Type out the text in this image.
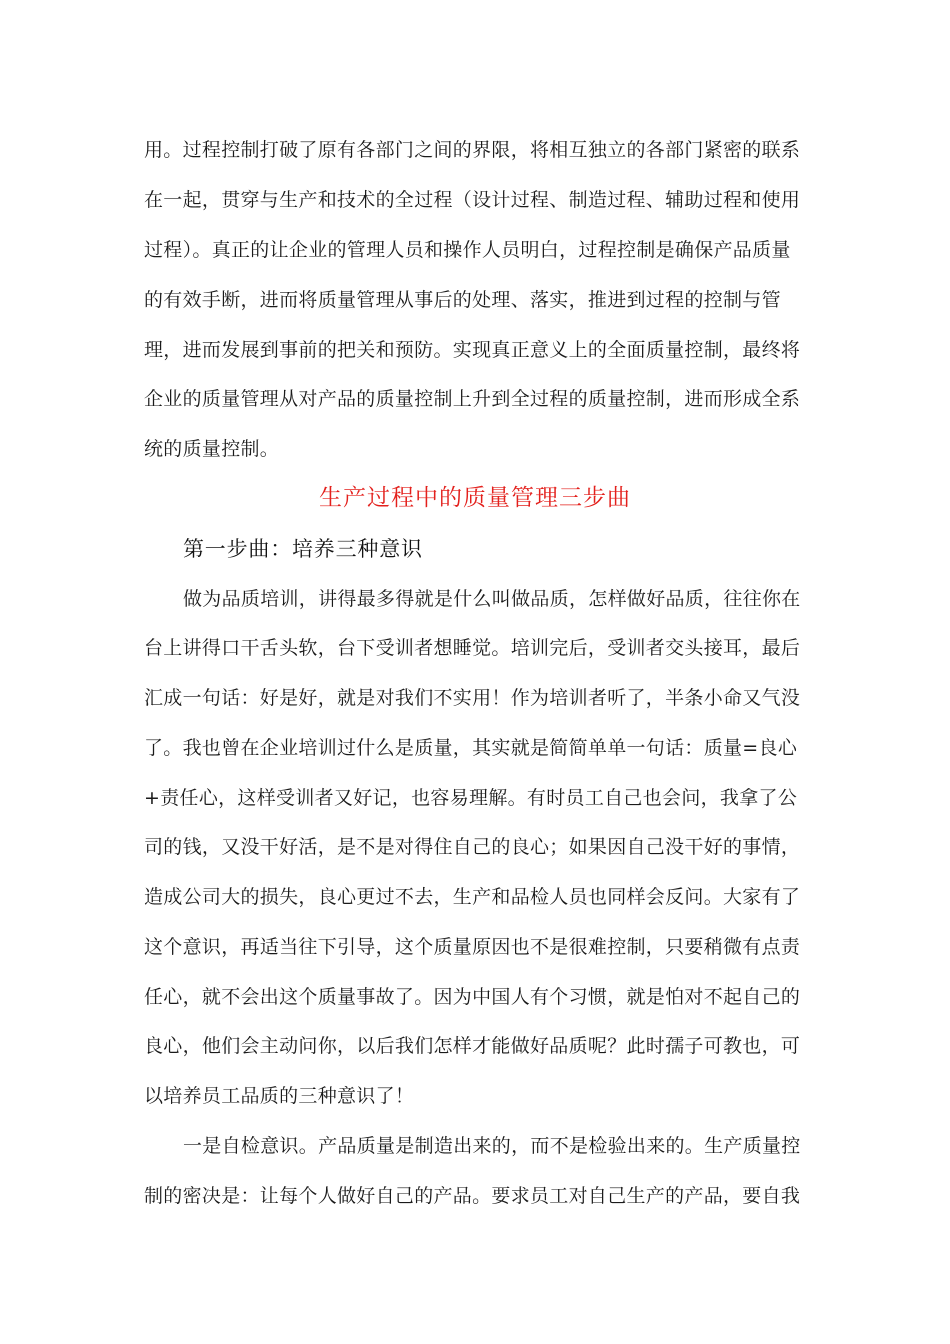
用。过程控制打破了原有各部门之间的界限，将相互独立的各部门紧密的联系
在一起，贯穿与生产和技术的全过程（设计过程、制造过程、辅助过程和使用
过程）。真正的让企业的管理人员和操作人员明白，过程控制是确保产品质量
的有效手断，进而将质量管理从事后的处理、落实，推进到过程的控制与管
理，进而发展到事前的把关和预防。实现真正意义上的全面质量控制，最终将
企业的质量管理从对产品的质量控制上升到全过程的质量控制，进而形成全系
统的质量控制。
生产过程中的质量管理三步曲
第一步曲：培养三种意识
做为品质培训，讲得最多得就是什么叫做品质，怎样做好品质，往往你在
台上讲得口干舌头软，台下受训者想睡觉。培训完后，受训者交头接耳，最后
汇成一句话：好是好，就是对我们不实用！作为培训者听了，半条小命又气没
了。我也曾在企业培训过什么是质量，其实就是简简单单一句话：质量=良心
+责任心，这样受训者又好记，也容易理解。有时员工自己也会问，我拿了公
司的钱，又没干好活，是不是对得住自己的良心；如果因自己没干好的事情，
造成公司大的损失，良心更过不去，生产和品检人员也同样会反问。大家有了
这个意识，再适当往下引导，这个质量原因也不是很难控制，只要稍微有点责
任心，就不会出这个质量事故了。因为中国人有个习惯，就是怕对不起自己的
良心，他们会主动问你，以后我们怎样才能做好品质呢？此时孺子可教也，可
以培养员工品质的三种意识了！
一是自检意识。产品质量是制造出来的，而不是检验出来的。生产质量控
制的密决是：让每个人做好自己的产品。要求员工对自己生产的产品，要自我
